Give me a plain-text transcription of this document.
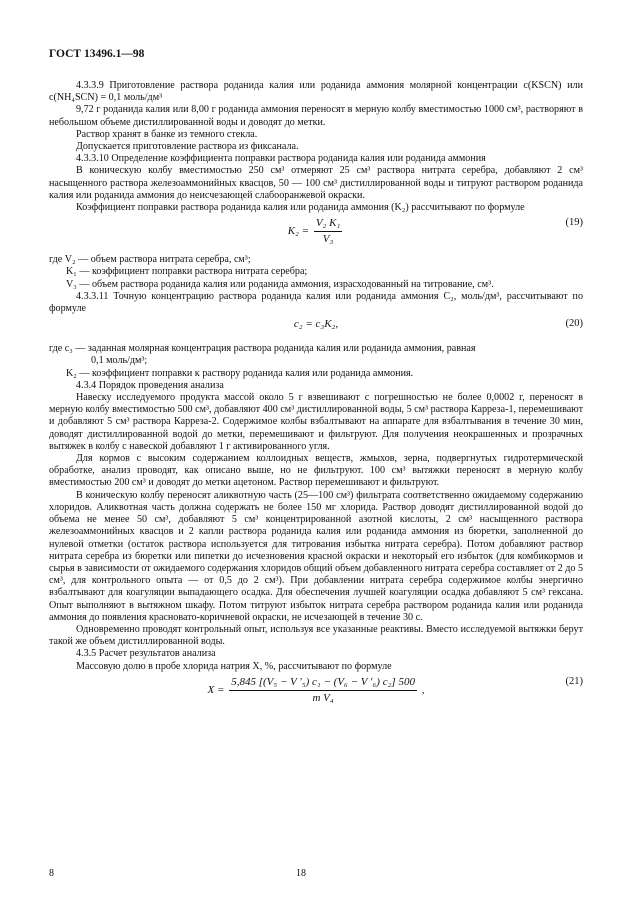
ГОСТ 13496.1—98

4.3.3.9 Приготовление раствора роданида калия или роданида аммония молярной концентрации c(KSCN) или c(NH₄SCN) = 0,1 моль/дм³

9,72 г роданида калия или 8,00 г роданида аммония переносят в мерную колбу вместимостью 1000 см³, растворяют в небольшом объеме дистиллированной воды и доводят до метки.

Раствор хранят в банке из темного стекла.

Допускается приготовление раствора из фиксанала.

4.3.3.10 Определение коэффициента поправки раствора роданида калия или роданида аммония

В коническую колбу вместимостью 250 см³ отмеряют 25 см³ раствора нитрата серебра, добавляют 2 см³ насыщенного раствора железоаммонийных квасцов, 50 — 100 см³ дистиллированной воды и титруют раствором роданида калия или роданида аммония до неисчезающей слабооранжевой окраски.

Коэффициент поправки раствора роданида калия или роданида аммония (K₂) рассчитывают по формуле

$K_2 = \frac{\text{V₂ K₁}}{\text{V₃}}$	(19)

где V₂ — объем раствора нитрата серебра, см³;

K₁ — коэффициент поправки раствора нитрата серебра;

V₃ — объем раствора роданида калия или роданида аммония, израсходованный на титрование, см³.

4.3.3.11 Точную концентрацию раствора роданида калия или роданида аммония C₂, моль/дм³, рассчитывают по формуле

c₂ = c₃K₂,	(20)

где c₃ — заданная молярная концентрация раствора роданида калия или роданида аммония, равная

0,1 моль/дм³;

K₂ — коэффициент поправки к раствору роданида калия или роданида аммония.

4.3.4 Порядок проведения анализа

Навеску исследуемого продукта массой около 5 г взвешивают с погрешностью не более 0,0002 г, переносят в мерную колбу вместимостью 500 см³, добавляют 400 см³ дистиллированной воды, 5 см³ раствора Карреза-1, перемешивают и добавляют 5 см³ раствора Карреза-2. Содержимое колбы взбалтывают на аппарате для взбалтывания в течение 30 мин, доводят дистиллированной водой до метки, перемешивают и фильтруют. Для получения неокрашенных и прозрачных вытяжек в колбу с навеской добавляют 1 г активированного угля.

Для кормов с высоким содержанием коллоидных веществ, жмыхов, зерна, подвергнутых гидротермической обработке, анализ проводят, как описано выше, но не фильтруют. 100 см³ вытяжки переносят в мерную колбу вместимостью 200 см³ и доводят до метки ацетоном. Раствор перемешивают и фильтруют.

В коническую колбу переносят аликвотную часть (25—100 см³) фильтрата соответственно ожидаемому содержанию хлоридов. Аликвотная часть должна содержать не более 150 мг хлорида. Раствор доводят дистиллированной водой до объема не менее 50 см³, добавляют 5 см³ концентрированной азотной кислоты, 2 см³ насыщенного раствора железоаммонийных квасцов и 2 капли раствора роданида калия или роданида аммония из бюретки, заполненной до нулевой отметки (остаток раствора используется для титрования избытка нитрата серебра). Потом добавляют раствор нитрата серебра из бюретки или пипетки до исчезновения красной окраски и некоторый его избыток (для комбикормов и сырья в зависимости от ожидаемого содержания хлоридов общий объем добавленного нитрата серебра составляет от 2 до 5 см³, для контрольного опыта — от 0,5 до 2 см³). При добавлении нитрата серебра содержимое колбы энергично взбалтывают для коагуляции выпадающего осадка. Для обеспечения лучшей коагуляции осадка добавляют 5 см³ гексана. Опыт выполняют в вытяжном шкафу. Потом титруют избыток нитрата серебра раствором роданида калия или роданида аммония до появления красновато-коричневой окраски, не исчезающей в течение 30 с.

Одновременно проводят контрольный опыт, используя все указанные реактивы. Вместо исследуемой вытяжки берут такой же объем дистиллированной воды.

4.3.5 Расчет результатов анализа

Массовую долю в пробе хлорида натрия X, %, рассчитывают по формуле

$X = \frac{\text{5,845 [(V₅ − V ′₅) c₁ − (V₆ − V ′₆) c₂] 500}}{\text{m V₄}}$ ,
(21)
8	18
